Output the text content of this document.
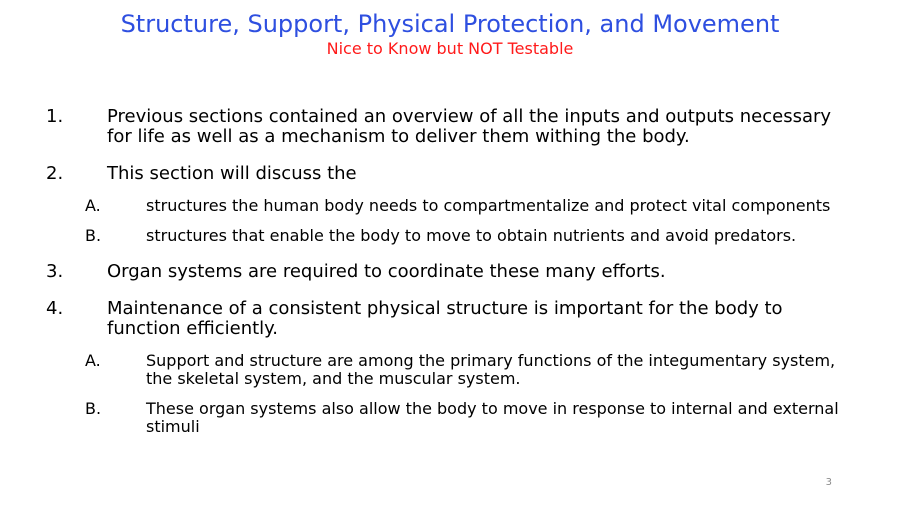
Structure, Support, Physical Protection, and Movement
Nice to Know but NOT Testable
1. Previous sections contained an overview of all the inputs and outputs necessary
for life as well as a mechanism to deliver them withing the body.
2. This section will discuss the
A.	structures the human body needs to compartmentalize and protect vital components
B.	structures that enable the body to move to obtain nutrients and avoid predators.
3. Organ systems are required to coordinate these many efforts.
4. Maintenance of a consistent physical structure is important for the body to
function efficiently.
A.	Support and structure are among the primary functions of the integumentary system,
the skeletal system, and the muscular system.
B.	These organ systems also allow the body to move in response to internal and external
stimuli
3
